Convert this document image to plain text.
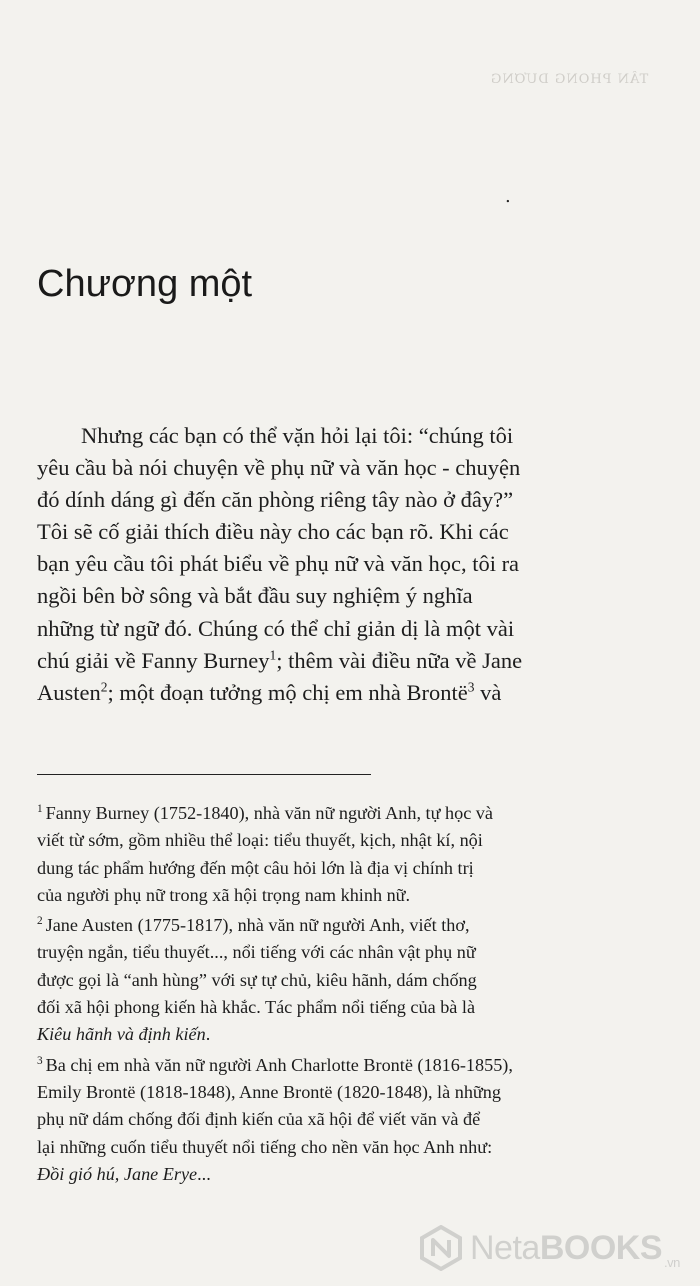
TÂN PHONG DƯƠNG
.
Chương một

Nhưng các bạn có thể vặn hỏi lại tôi: “chúng tôi
yêu cầu bà nói chuyện về phụ nữ và văn học - chuyện
đó dính dáng gì đến căn phòng riêng tây nào ở đây?”
Tôi sẽ cố giải thích điều này cho các bạn rõ. Khi các
bạn yêu cầu tôi phát biểu về phụ nữ và văn học, tôi ra
ngồi bên bờ sông và bắt đầu suy nghiệm ý nghĩa
những từ ngữ đó. Chúng có thể chỉ giản dị là một vài
chú giải về Fanny Burney$^1$; thêm vài điều nữa về Jane
Austen$^2$; một đoạn tưởng mộ chị em nhà Brontë$^3$ và

$^1$ Fanny Burney (1752-1840), nhà văn nữ người Anh, tự học và
viết từ sớm, gồm nhiều thể loại: tiểu thuyết, kịch, nhật kí, nội
dung tác phẩm hướng đến một câu hỏi lớn là địa vị chính trị
của người phụ nữ trong xã hội trọng nam khinh nữ.
$^2$ Jane Austen (1775-1817), nhà văn nữ người Anh, viết thơ,
truyện ngắn, tiểu thuyết..., nổi tiếng với các nhân vật phụ nữ
được gọi là “anh hùng” với sự tự chủ, kiêu hãnh, dám chống
đối xã hội phong kiến hà khắc. Tác phẩm nổi tiếng của bà là
Kiêu hãnh và định kiến.
$^3$ Ba chị em nhà văn nữ người Anh Charlotte Brontë (1816-1855),
Emily Brontë (1818-1848), Anne Brontë (1820-1848), là những
phụ nữ dám chống đối định kiến của xã hội để viết văn và để
lại những cuốn tiểu thuyết nổi tiếng cho nền văn học Anh như:
Đồi gió hú, Jane Erye...
NetaBOOKS $_{.vn}$
